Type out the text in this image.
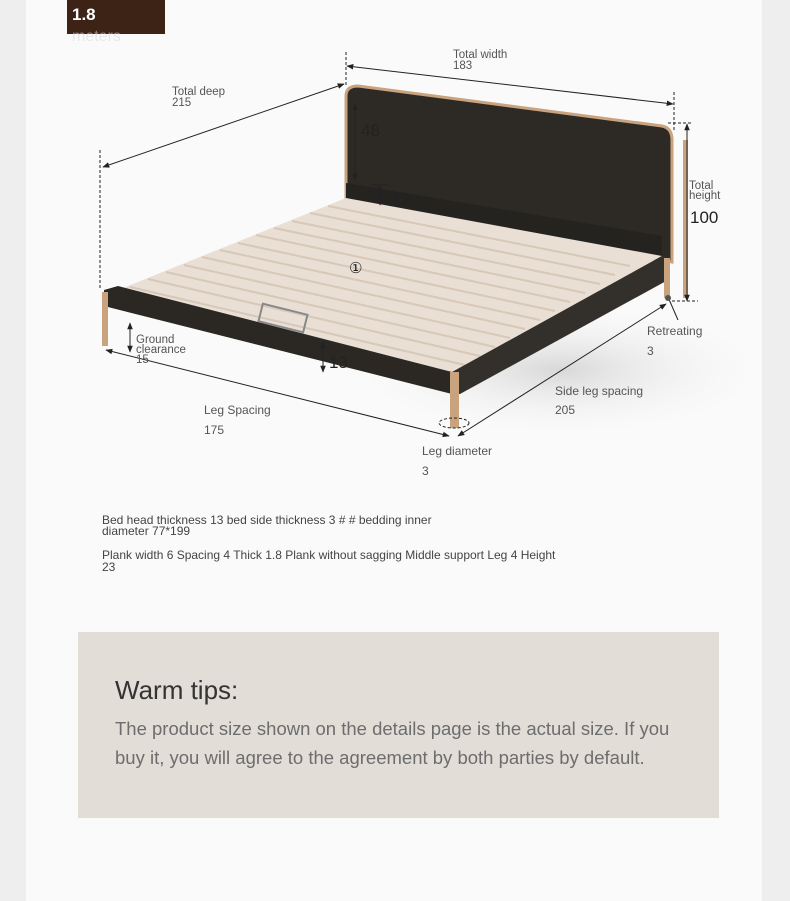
1.8
meters
Total width
183
Total deep
215
48
12
Total
height
100
①
Ground
clearance
15	13
Retreating
3
Side leg spacing
205
Leg Spacing
175
Leg diameter
3
Bed head thickness 13 bed side thickness 3 # # bedding inner
diameter 77*199
Plank width 6 Spacing 4 Thick 1.8 Plank without sagging Middle support Leg 4 Height
23
Warm tips:
The product size shown on the details page is the actual size. If you buy it, you will agree to the agreement by both parties by default.
